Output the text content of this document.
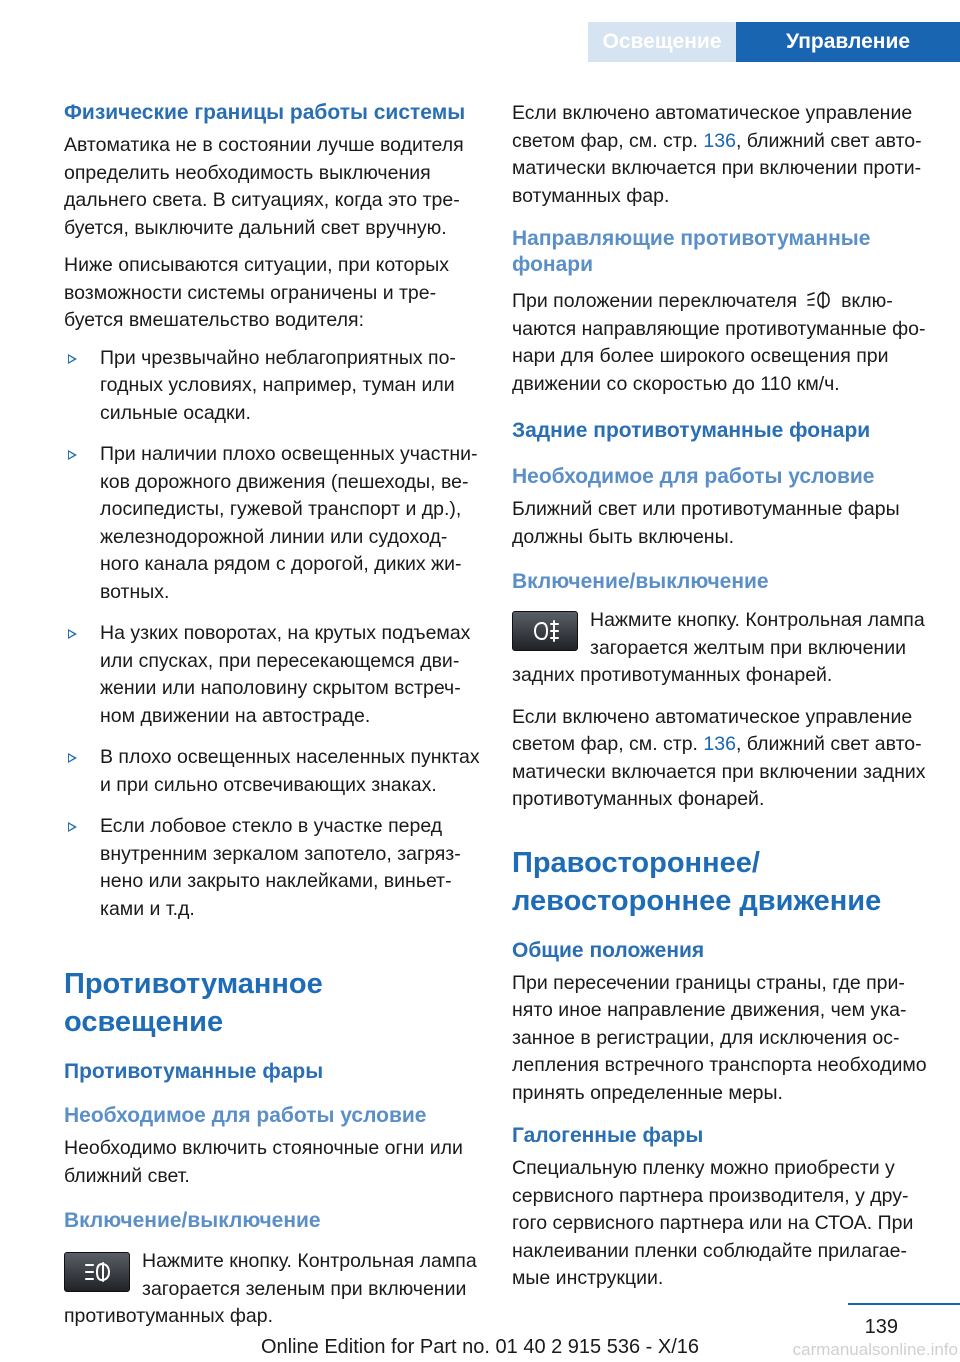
Освещение	Управление
Физические границы работы системы

Автоматика не в состоянии лучше водителя определить необходимость выключения дальнего света. В ситуациях, когда это тре-буется, выключите дальний свет вручную.

Ниже описываются ситуации, при которых возможности системы ограничены и тре-буется вмешательство водителя:

При чрезвычайно неблагоприятных по-годных условиях, например, туман или сильные осадки.
При наличии плохо освещенных участни-ков дорожного движения (пешеходы, ве-лосипедисты, гужевой транспорт и др.), железнодорожной линии или судоход-ного канала рядом с дорогой, диких жи-вотных.
На узких поворотах, на крутых подъемах или спусках, при пересекающемся дви-жении или наполовину скрытом встреч-ном движении на автостраде.
В плохо освещенных населенных пунктах и при сильно отсвечивающих знаках.
Если лобовое стекло в участке перед внутренним зеркалом запотело, загряз-нено или закрыто наклейками, виньет-ками и т.д.
Противотуманное освещение
Противотуманные фары
Необходимое для работы условие

Необходимо включить стояночные огни или ближний свет.

Включение/выключение
Нажмите кнопку. Контрольная лампа загорается зеленым при включении
противотуманных фар.

Если включено автоматическое управление светом фар, см. стр. 136, ближний свет авто-матически включается при включении проти-вотуманных фар.

Направляющие противотуманные фонари

При положении переключателя вклю-чаются направляющие противотуманные фо-нари для более широкого освещения при движении со скоростью до 110 км/ч.

Задние противотуманные фонари
Необходимое для работы условие

Ближний свет или противотуманные фары должны быть включены.

Включение/выключение
Нажмите кнопку. Контрольная лампа загорается желтым при включении
задних противотуманных фонарей.

Если включено автоматическое управление светом фар, см. стр. 136, ближний свет авто-матически включается при включении задних противотуманных фонарей.

Правостороннее/ левостороннее движение
Общие положения

При пересечении границы страны, где при-нято иное направление движения, чем ука-занное в регистрации, для исключения ос-лепления встречного транспорта необходимо принять определенные меры.

Галогенные фары

Специальную пленку можно приобрести у сервисного партнера производителя, у дру-гого сервисного партнера или на СТОА. При наклеивании пленки соблюдайте прилагае-мые инструкции.

139
Online Edition for Part no. 01 40 2 915 536 - X/16	carmanualsonline.info
